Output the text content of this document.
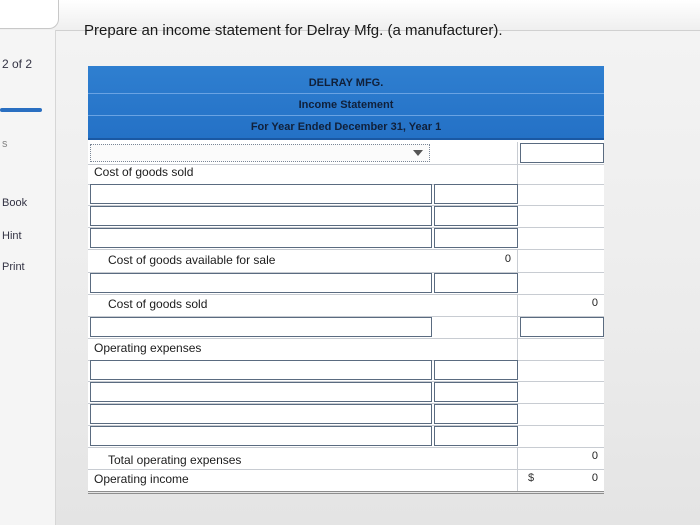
2 of 2
s
Book
Hint
Print
Prepare an income statement for Delray Mfg. (a manufacturer).
DELRAY MFG.
Income Statement
For Year Ended December 31, Year 1
Cost of goods sold
Cost of goods available for sale	0
Cost of goods sold	0
Operating expenses
Total operating expenses	0
Operating income	$	0
